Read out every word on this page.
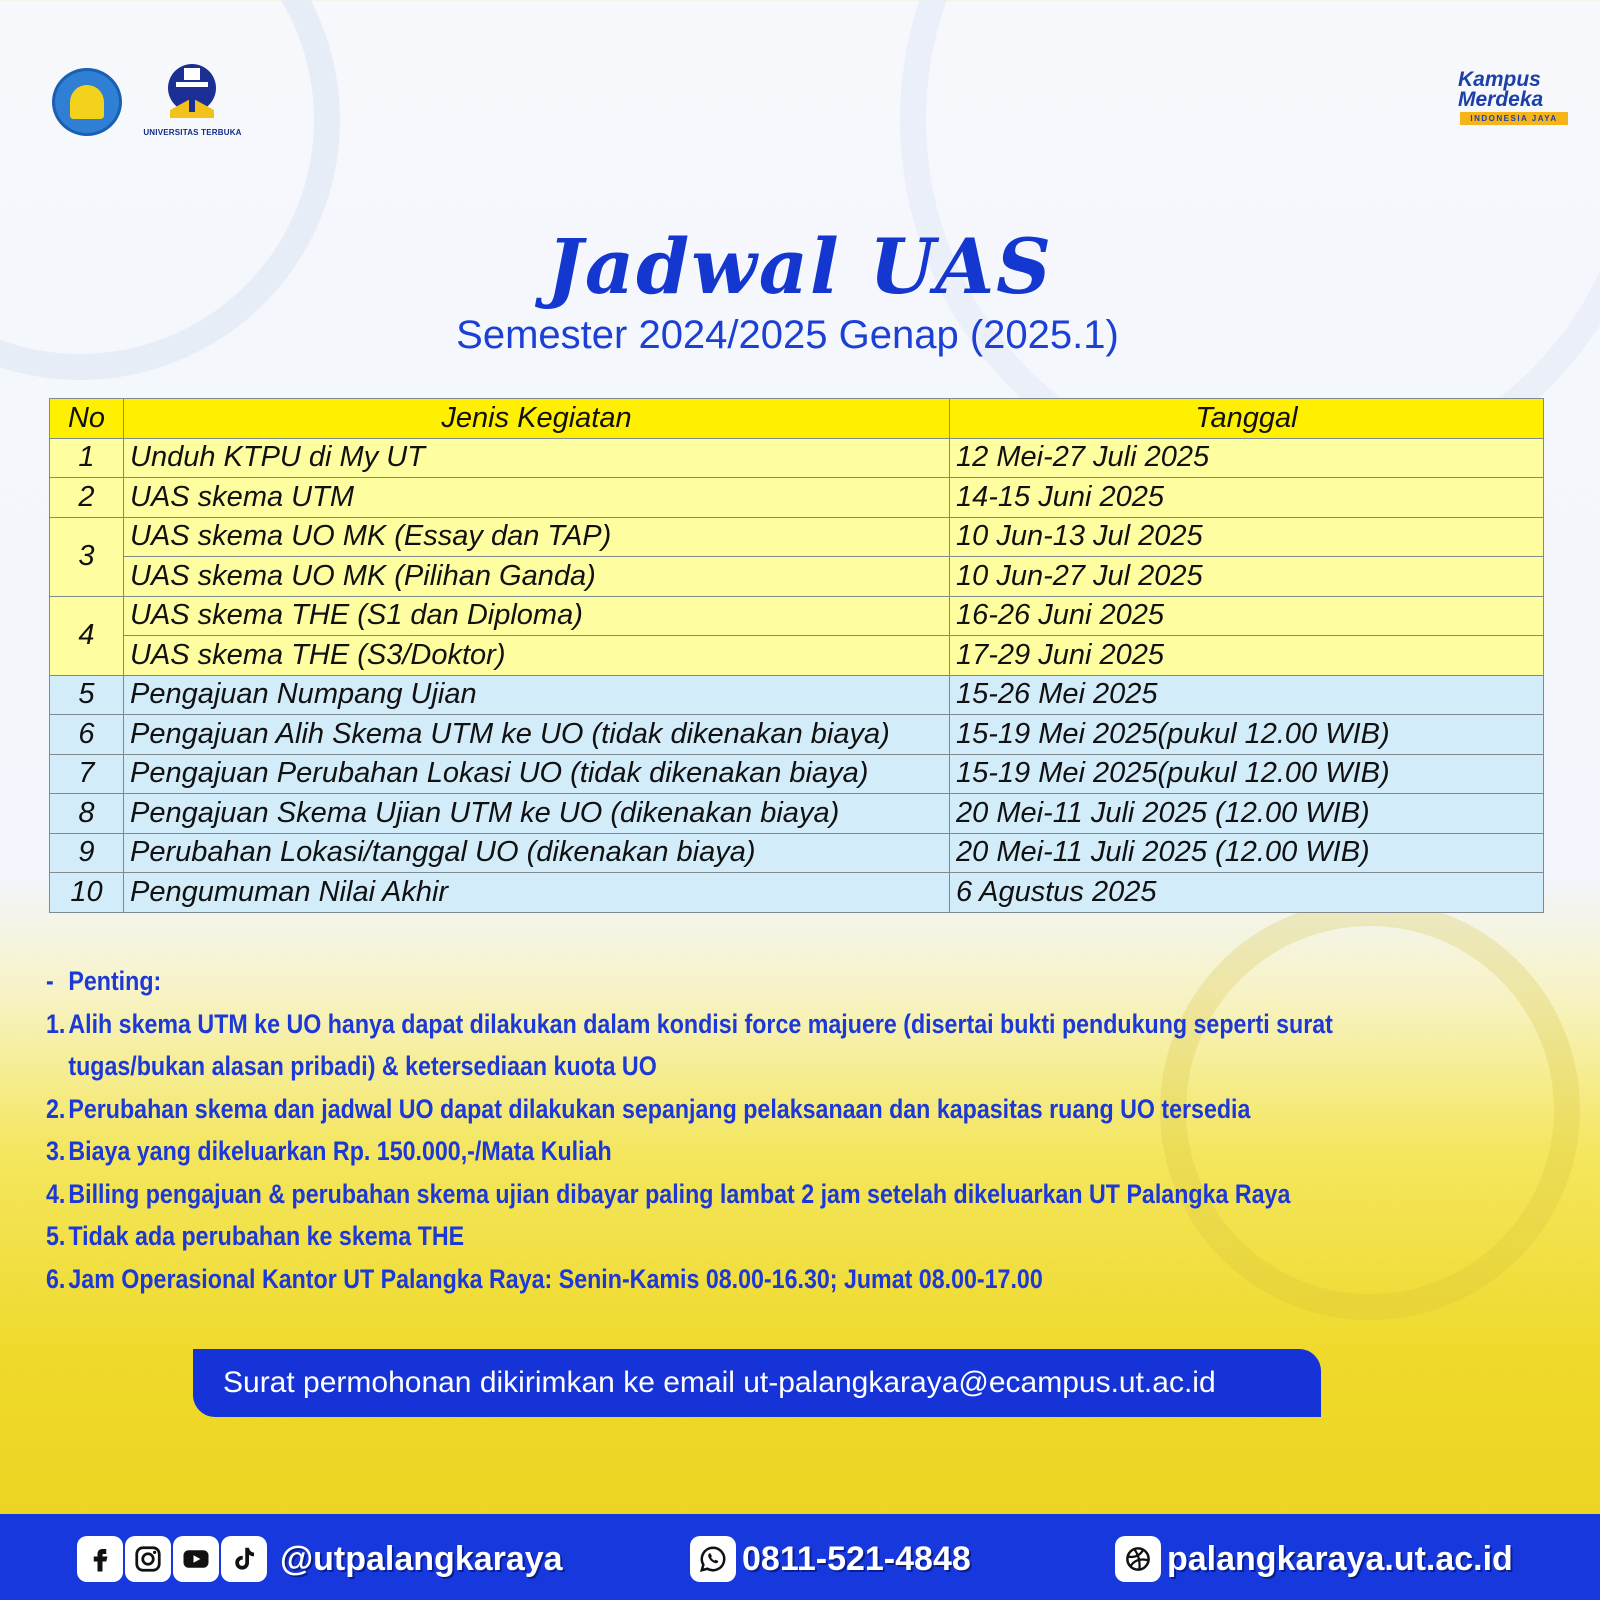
UNIVERSITAS TERBUKA
Kampus
Merdeka
INDONESIA JAYA
Jadwal UAS
Semester 2024/2025 Genap (2025.1)
No	Jenis Kegiatan	Tanggal
1	Unduh KTPU di My UT	12 Mei-27 Juli 2025
2	UAS skema UTM	14-15 Juni 2025
3	UAS skema UO MK (Essay dan TAP)	10 Jun-13 Jul 2025
	UAS skema UO MK (Pilihan Ganda)	10 Jun-27 Jul 2025
4	UAS skema THE (S1 dan Diploma)	16-26 Juni 2025
	UAS skema THE (S3/Doktor)	17-29 Juni 2025
5	Pengajuan Numpang Ujian	15-26 Mei 2025
6	Pengajuan Alih Skema UTM ke UO (tidak dikenakan biaya)	15-19 Mei 2025(pukul 12.00 WIB)
7	Pengajuan Perubahan Lokasi UO (tidak dikenakan biaya)	15-19 Mei 2025(pukul 12.00 WIB)
8	Pengajuan Skema Ujian UTM ke UO (dikenakan biaya)	20 Mei-11 Juli 2025 (12.00 WIB)
9	Perubahan Lokasi/tanggal UO (dikenakan biaya)	20 Mei-11 Juli 2025 (12.00 WIB)
10	Pengumuman Nilai Akhir	6 Agustus 2025
- Penting:
1. Alih skema UTM ke UO hanya dapat dilakukan dalam kondisi force majuere (disertai bukti pendukung seperti surat tugas/bukan alasan pribadi) & ketersediaan kuota UO
2. Perubahan skema dan jadwal UO dapat dilakukan sepanjang pelaksanaan dan kapasitas ruang UO tersedia
3. Biaya yang dikeluarkan Rp. 150.000,-/Mata Kuliah
4. Billing pengajuan & perubahan skema ujian dibayar paling lambat 2 jam setelah dikeluarkan UT Palangka Raya
5. Tidak ada perubahan ke skema THE
6. Jam Operasional Kantor UT Palangka Raya: Senin-Kamis 08.00-16.30; Jumat 08.00-17.00
Surat permohonan dikirimkan ke email ut-palangkaraya@ecampus.ut.ac.id
@utpalangkaraya	0811-521-4848	palangkaraya.ut.ac.id
